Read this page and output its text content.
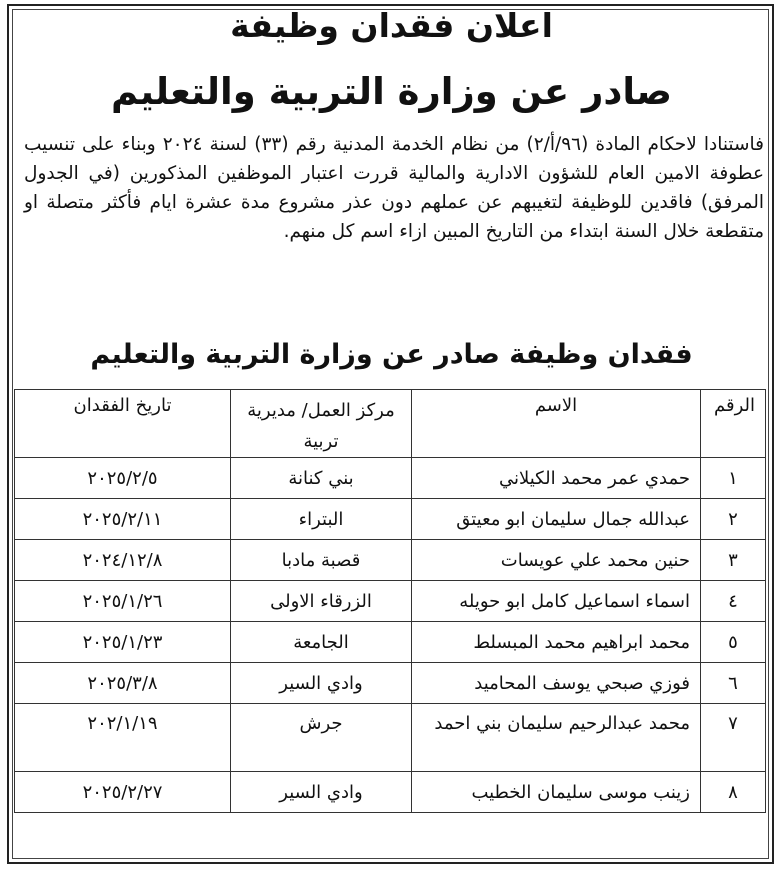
اعلان فقدان وظيفة
صادر عن وزارة التربية والتعليم
فاستنادا لاحكام المادة (٩٦/أ/٢) من نظام الخدمة المدنية رقم (٣٣) لسنة ٢٠٢٤ وبناء على تنسيب عطوفة الامين العام للشؤون الادارية والمالية قررت اعتبار الموظفين المذكورين (في الجدول المرفق) فاقدين للوظيفة لتغيبهم عن عملهم دون عذر مشروع مدة عشرة ايام فأكثر متصلة او متقطعة خلال السنة ابتداء من التاريخ المبين ازاء اسم كل منهم.
فقدان وظيفة صادر عن وزارة التربية والتعليم
الرقم	الاسم	مركز العمل/ مديرية تربية	تاريخ الفقدان
١	حمدي عمر محمد الكيلاني	بني كنانة	٢٠٢٥/٢/٥
٢	عبدالله جمال سليمان ابو معيتق	البتراء	٢٠٢٥/٢/١١
٣	حنين محمد علي عويسات	قصبة مادبا	٢٠٢٤/١٢/٨
٤	اسماء اسماعيل كامل ابو حويله	الزرقاء الاولى	٢٠٢٥/١/٢٦
٥	محمد ابراهيم محمد المبسلط	الجامعة	٢٠٢٥/١/٢٣
٦	فوزي صبحي يوسف المحاميد	وادي السير	٢٠٢٥/٣/٨
٧	محمد عبدالرحيم سليمان بني احمد	جرش	٢٠٢/١/١٩
٨	زينب موسى سليمان الخطيب	وادي السير	٢٠٢٥/٢/٢٧
